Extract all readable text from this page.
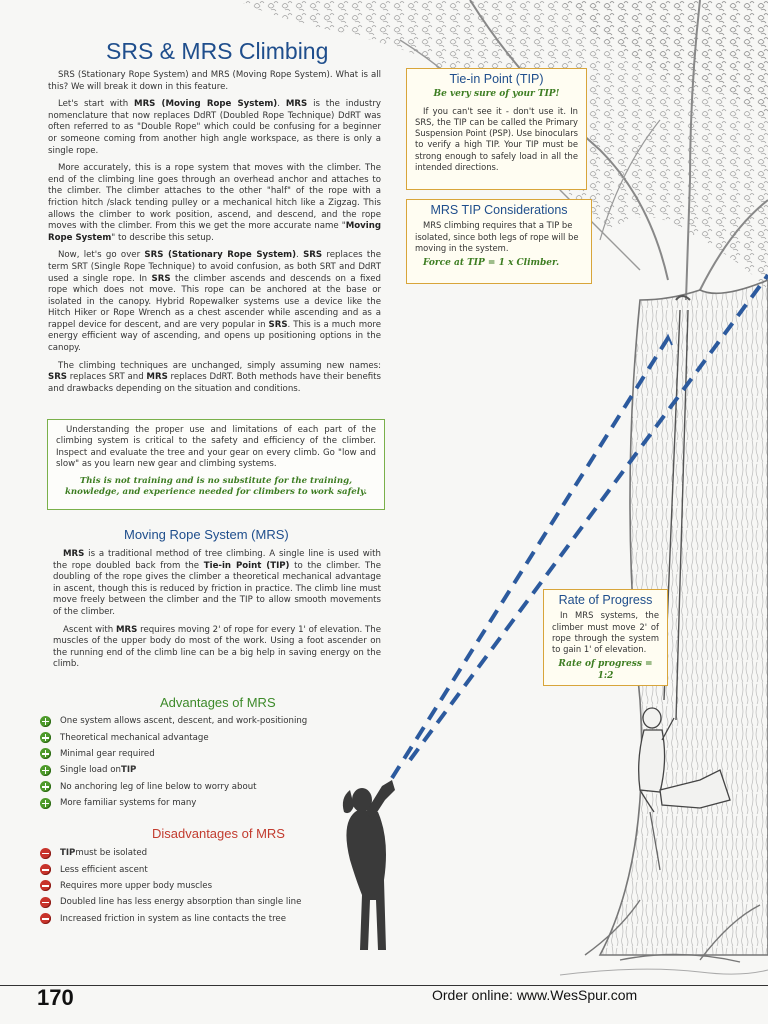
SRS & MRS Climbing

SRS (Stationary Rope System) and MRS (Moving Rope System). What is all this? We will break it down in this feature.

Let's start with MRS (Moving Rope System). MRS is the industry nomenclature that now replaces DdRT (Doubled Rope Technique) DdRT was often referred to as "Double Rope" which could be confusing for a beginner or someone coming from another high angle workspace, as there is only a single rope.

More accurately, this is a rope system that moves with the climber. The end of the climbing line goes through an overhead anchor and attaches to the climber. The climber attaches to the other "half" of the rope with a friction hitch /slack tending pulley or a mechanical hitch like a Zigzag. This allows the climber to work position, ascend, and descend, and the rope moves with the climber. From this we get the more accurate name "Moving Rope System" to describe this setup.

Now, let's go over SRS (Stationary Rope System). SRS replaces the term SRT (Single Rope Technique) to avoid confusion, as both SRT and DdRT used a single rope. In SRS the climber ascends and descends on a fixed rope which does not move. This rope can be anchored at the base or isolated in the canopy. Hybrid Ropewalker systems use a device like the Hitch Hiker or Rope Wrench as a chest ascender while ascending and as a rappel device for descent, and are very popular in SRS. This is a much more energy efficient way of ascending, and opens up positioning options in the canopy.

The climbing techniques are unchanged, simply assuming new names: SRS replaces SRT and MRS replaces DdRT. Both methods have their benefits and drawbacks depending on the situation and conditions.

Understanding the proper use and limitations of each part of the climbing system is critical to the safety and efficiency of the climber. Inspect and evaluate the tree and your gear on every climb. Go "low and slow" as you learn new gear and climbing systems.
This is not training and is no substitute for the training, knowledge, and experience needed for climbers to work safely.
Moving Rope System (MRS)

MRS is a traditional method of tree climbing. A single line is used with the rope doubled back from the Tie-in Point (TIP) to the climber. The doubling of the rope gives the climber a theoretical mechanical advantage in ascent, though this is reduced by friction in practice. The climb line must move freely between the climber and the TIP to allow smooth movements of the climber.

Ascent with MRS requires moving 2' of rope for every 1' of elevation. The muscles of the upper body do most of the work. Using a foot ascender on the running end of the climb line can be a big help in saving energy on the climb.

Advantages of MRS
One system allows ascent, descent, and work-positioning
Theoretical mechanical advantage
Minimal gear required
Single load on TIP
No anchoring leg of line below to worry about
More familiar systems for many
Disadvantages of MRS
TIP must be isolated
Less efficient ascent
Requires more upper body muscles
Doubled line has less energy absorption than single line
Increased friction in system as line contacts the tree
Tie-in Point (TIP)
Be very sure of your TIP!
If you can't see it - don't use it. In SRS, the TIP can be called the Primary Suspension Point (PSP). Use binoculars to verify a high TIP. Your TIP must be strong enough to safely load in all the intended directions.
MRS TIP Considerations
MRS climbing requires that a TIP be isolated, since both legs of rope will be moving in the system.
Force at TIP = 1 x Climber.
Rate of Progress
In MRS systems, the climber must move 2' of rope through the system to gain 1' of elevation.
Rate of progress = 1:2
170	Order online: www.WesSpur.com
